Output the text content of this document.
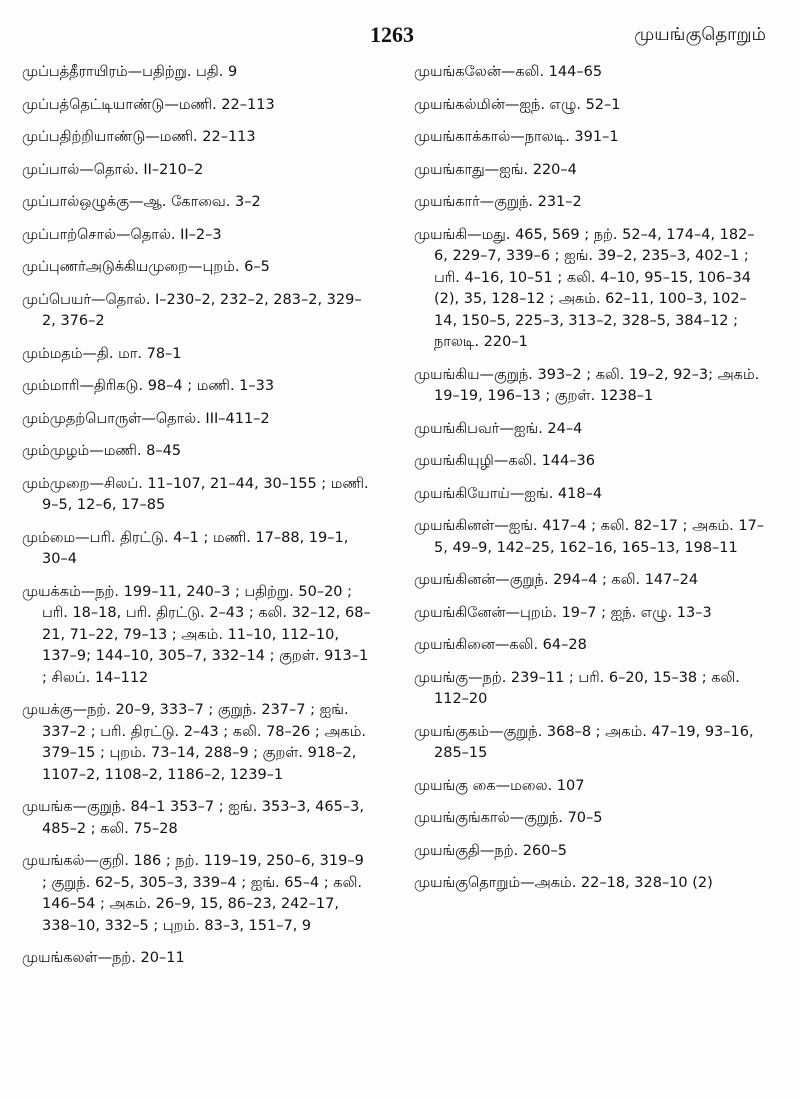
1263	முயங்குதொறும்
முப்பத்தீராயிரம்—பதிற்று. பதி. 9
முப்பத்தெட்டியாண்டு—மணி. 22–113
முப்பதிற்றியாண்டு—மணி. 22–113
முப்பால்—தொல். II–210–2
முப்பால்ஒழுக்கு—ஆ. கோவை. 3–2
முப்பாற்சொல்—தொல். II–2–3
முப்புணர்அடுக்கியமுறை—புறம். 6–5
முப்பெயர்—தொல். I–230–2, 232–2, 283–2, 329–2, 376–2
மும்மதம்—தி. மா. 78–1
மும்மாரி—திரிகடு. 98–4 ; மணி. 1–33
மும்முதற்பொருள்—தொல். III–411–2
மும்முழம்—மணி. 8–45
மும்முறை—சிலப். 11–107, 21–44, 30–155 ; மணி. 9–5, 12–6, 17–85
மும்மை—பரி. திரட்டு. 4–1 ; மணி. 17–88, 19–1, 30–4
முயக்கம்—நற். 199–11, 240–3 ; பதிற்று. 50–20 ; பரி. 18–18, பரி. திரட்டு. 2–43 ; கலி. 32–12, 68–21, 71–22, 79–13 ; அகம். 11–10, 112–10, 137–9; 144–10, 305–7, 332–14 ; குறள். 913–1 ; சிலப். 14–112
முயக்கு—நற். 20–9, 333–7 ; குறுந். 237–7 ; ஐங். 337–2 ; பரி. திரட்டு. 2–43 ; கலி. 78–26 ; அகம். 379–15 ; புறம். 73–14, 288–9 ; குறள். 918–2, 1107–2, 1108–2, 1186–2, 1239–1
முயங்க—குறுந். 84–1 353–7 ; ஐங். 353–3, 465–3, 485–2 ; கலி. 75–28
முயங்கல்—குறி. 186 ; நற். 119–19, 250–6, 319–9 ; குறுந். 62–5, 305–3, 339–4 ; ஐங். 65–4 ; கலி. 146–54 ; அகம். 26–9, 15, 86–23, 242–17, 338–10, 332–5 ; புறம். 83–3, 151–7, 9
முயங்கலள்—நற். 20–11
முயங்கலேன்—கலி. 144–65
முயங்கல்மின்—ஐந். எழு. 52–1
முயங்காக்கால்—நாலடி. 391–1
முயங்காது—ஐங். 220–4
முயங்கார்—குறுந். 231–2
முயங்கி—மது. 465, 569 ; நற். 52–4, 174–4, 182–6, 229–7, 339–6 ; ஐங். 39–2, 235–3, 402–1 ; பரி. 4–16, 10–51 ; கலி. 4–10, 95–15, 106–34 (2), 35, 128–12 ; அகம். 62–11, 100–3, 102–14, 150–5, 225–3, 313–2, 328–5, 384–12 ; நாலடி. 220–1
முயங்கிய—குறுந். 393–2 ; கலி. 19–2, 92–3; அகம். 19–19, 196–13 ; குறள். 1238–1
முயங்கிபவர்—ஐங். 24–4
முயங்கியுழி—கலி. 144–36
முயங்கியோய்—ஐங். 418–4
முயங்கினள்—ஐங். 417–4 ; கலி. 82–17 ; அகம். 17–5, 49–9, 142–25, 162–16, 165–13, 198–11
முயங்கினன்—குறுந். 294–4 ; கலி. 147–24
முயங்கினேன்—புறம். 19–7 ; ஐந். எழு. 13–3
முயங்கினை—கலி. 64–28
முயங்கு—நற். 239–11 ; பரி. 6–20, 15–38 ; கலி. 112–20
முயங்குகம்—குறுந். 368–8 ; அகம். 47–19, 93–16, 285–15
முயங்கு கை—மலை. 107
முயங்குங்கால்—குறுந். 70–5
முயங்குதி—நற். 260–5
முயங்குதொறும்—அகம். 22–18, 328–10 (2)
